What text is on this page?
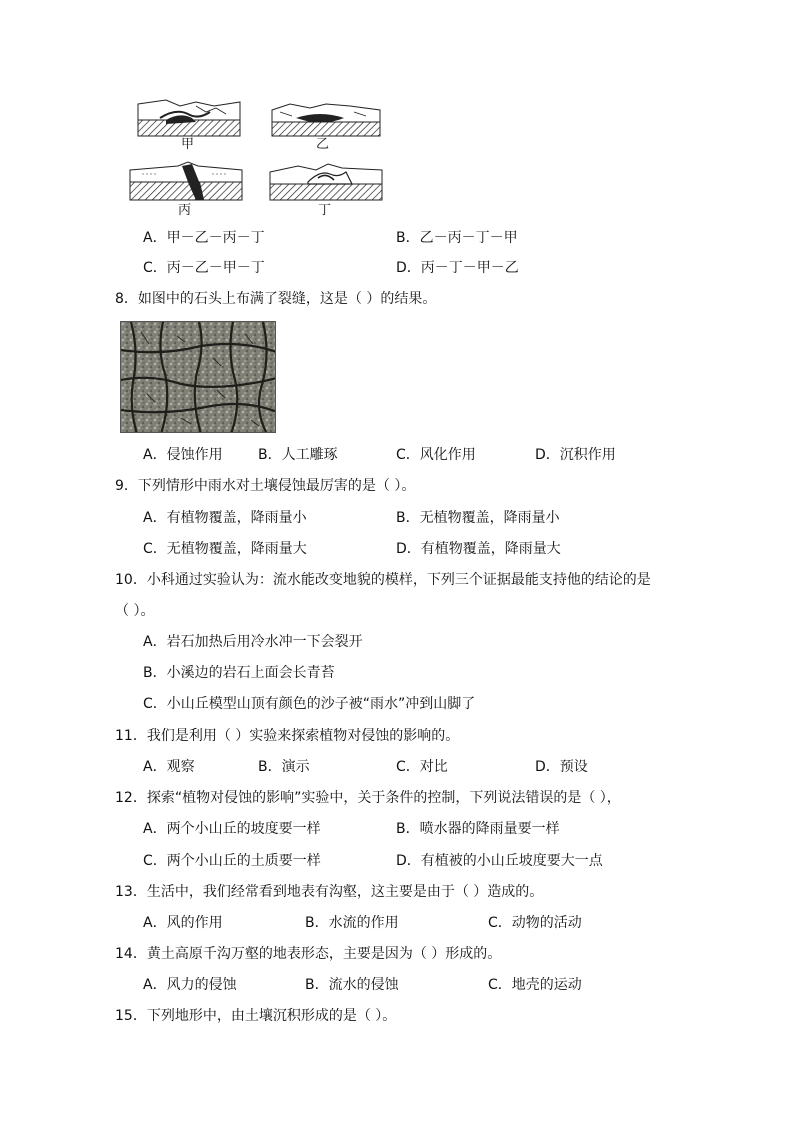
甲	乙
丙	丁
A．甲－乙－丙－丁	B．乙－丙－丁－甲
C．丙－乙－甲－丁	D．丙－丁－甲－乙
8．如图中的石头上布满了裂缝，这是（ ）的结果。
A．侵蚀作用	B．人工雕琢	C．风化作用	D．沉积作用
9．下列情形中雨水对土壤侵蚀最厉害的是（ ）。
A．有植物覆盖，降雨量小	B．无植物覆盖，降雨量小
C．无植物覆盖，降雨量大	D．有植物覆盖，降雨量大
10．小科通过实验认为：流水能改变地貌的模样，下列三个证据最能支持他的结论的是
（ ）。
A．岩石加热后用冷水冲一下会裂开
B．小溪边的岩石上面会长青苔
C．小山丘模型山顶有颜色的沙子被“雨水”冲到山脚了
11．我们是利用（ ）实验来探索植物对侵蚀的影响的。
A．观察	B．演示	C．对比	D．预设
12．探索“植物对侵蚀的影响”实验中，关于条件的控制，下列说法错误的是（ ），
A．两个小山丘的坡度要一样	B．喷水器的降雨量要一样
C．两个小山丘的土质要一样	D．有植被的小山丘坡度要大一点
13．生活中，我们经常看到地表有沟壑，这主要是由于（ ）造成的。
A．风的作用	B．水流的作用	C．动物的活动
14．黄土高原千沟万壑的地表形态，主要是因为（ ）形成的。
A．风力的侵蚀	B．流水的侵蚀	C．地壳的运动
15．下列地形中，由土壤沉积形成的是（ ）。
